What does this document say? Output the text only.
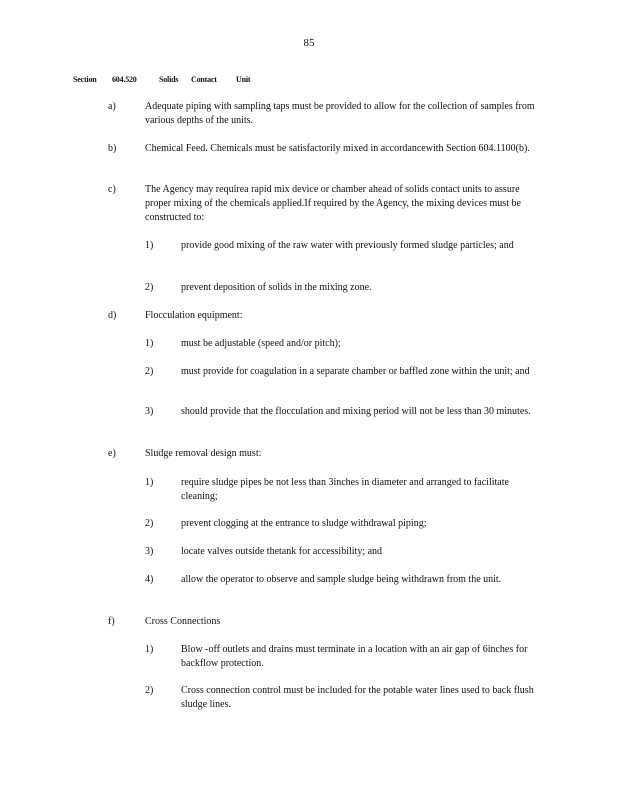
85
Section 604.520	Solids Contact Unit
a)	Adequate piping with sampling taps must be provided to allow for the collection of samples from various depths of the units.
b)	Chemical Feed. Chemicals must be satisfactorily mixed in accordancewith Section 604.1100(b).
c)	The Agency may requirea rapid mix device or chamber ahead of solids contact units to assure proper mixing of the chemicals applied.If required by the Agency, the mixing devices must be constructed to:
1)	provide good mixing of the raw water with previously formed sludge particles; and
2)	prevent deposition of solids in the mixing zone.
d)	Flocculation equipment:
1)	must be adjustable (speed and/or pitch);
2)	must provide for coagulation in a separate chamber or baffled zone within the unit; and
3)	should provide that the flocculation and mixing period will not be less than 30 minutes.
e)	Sludge removal design must:
1)	require sludge pipes be not less than 3inches in diameter and arranged to facilitate cleaning;
2)	prevent clogging at the entrance to sludge withdrawal piping;
3)	locate valves outside thetank for accessibility; and
4)	allow the operator to observe and sample sludge being withdrawn from the unit.
f)	Cross Connections
1)	Blow -off outlets and drains must terminate in a location with an air gap of 6inches for backflow protection.
2)	Cross connection control must be included for the potable water lines used to back flush sludge lines.
